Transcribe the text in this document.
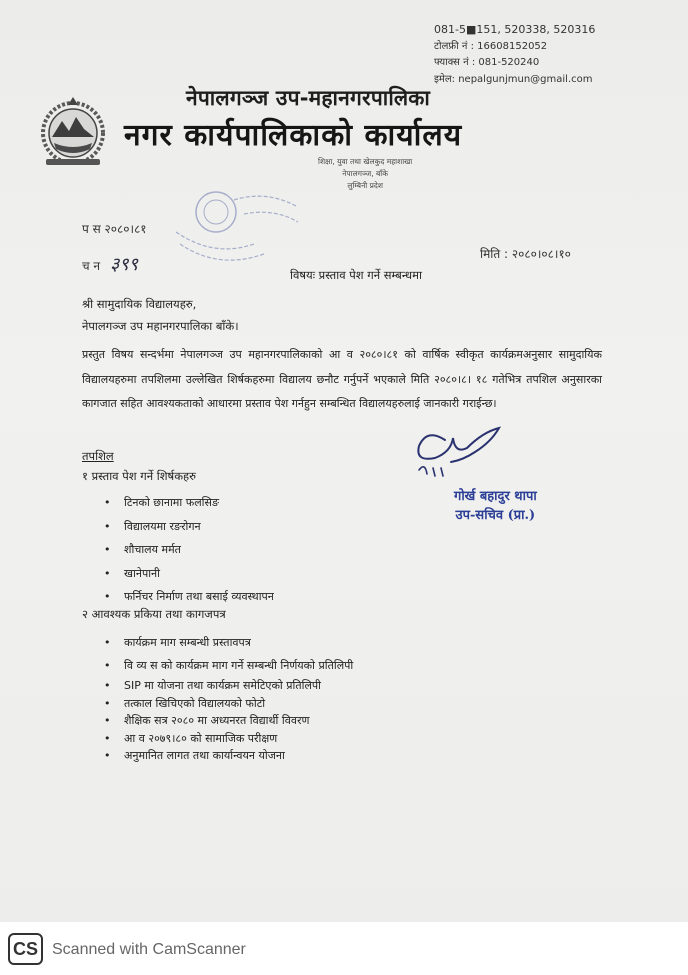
081-5■151, 520338, 520316
टोलफ्री नं : 16608152052
फ्याक्स नं : 081-520240
इमेल: nepalgunjmun@gmail.com
नेपालगञ्ज उप-महानगरपालिका
नगर कार्यपालिकाको कार्यालय
शिक्षा, युवा तथा खेलकुद महाशाखा
नेपालगञ्ज, बाँके
लुम्बिनी प्रदेश
प स २०८०।८१
च न ३९९	मिति : २०८०।०८।१०
विषयः प्रस्ताव पेश गर्ने सम्बन्धमा
श्री सामुदायिक विद्यालयहरु,
नेपालगञ्ज उप महानगरपालिका बाँके।
प्रस्तुत विषय सन्दर्भमा नेपालगञ्ज उप महानगरपालिकाको आ व २०८०।८१ को वार्षिक स्वीकृत कार्यक्रमअनुसार सामुदायिक विद्यालयहरुमा तपशिलमा उल्लेखित शिर्षकहरुमा विद्यालय छनौट गर्नुपर्ने भएकाले मिति २०८०।८। १८ गतेभित्र तपशिल अनुसारका कागजात सहित आवश्यकताको आधारमा प्रस्ताव पेश गर्नहुन सम्बन्धित विद्यालयहरुलाई जानकारी गराईन्छ।
गोर्ख बहादुर थापा
उप-सचिव (प्रा.)
तपशिल
१ प्रस्ताव पेश गर्ने शिर्षकहरु
• टिनको छानामा फलसिङ
• विद्यालयमा रङरोगन
• शौचालय मर्मत
• खानेपानी
• फर्निचर निर्माण तथा बसाई व्यवस्थापन
२ आवश्यक प्रकिया तथा कागजपत्र
• कार्यक्रम माग सम्बन्धी प्रस्तावपत्र
• वि व्य स को कार्यक्रम माग गर्ने सम्बन्धी निर्णयको प्रतिलिपी
• SIP मा योजना तथा कार्यक्रम समेटिएको प्रतिलिपी
• तत्काल खिचिएको विद्यालयको फोटो
• शैक्षिक सत्र २०८० मा अध्यनरत विद्यार्थी विवरण
• आ व २०७९।८० को सामाजिक परीक्षण
• अनुमानित लागत तथा कार्यान्वयन योजना
CS Scanned with CamScanner
